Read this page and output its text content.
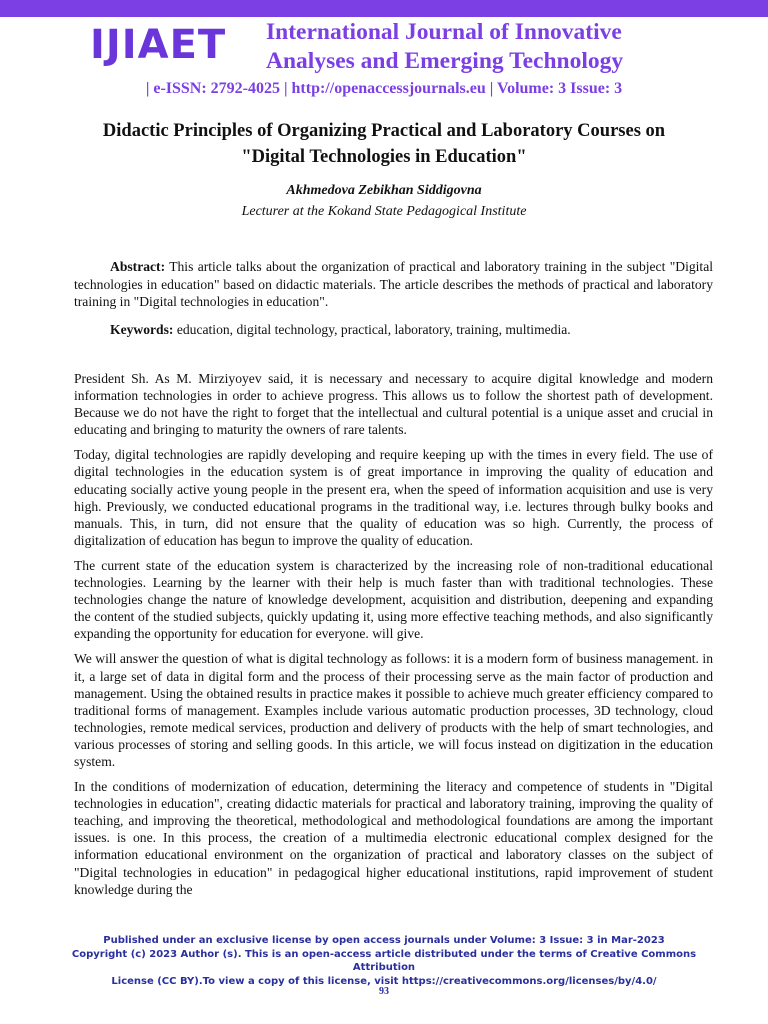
IJIAET International Journal of Innovative
Analyses and Emerging Technology
| e-ISSN: 2792-4025 | http://openaccessjournals.eu | Volume: 3 Issue: 3
Didactic Principles of Organizing Practical and Laboratory Courses on
"Digital Technologies in Education"
Akhmedova Zebikhan Siddigovna
Lecturer at the Kokand State Pedagogical Institute

Abstract: This article talks about the organization of practical and laboratory training in the subject "Digital technologies in education" based on didactic materials. The article describes the methods of practical and laboratory training in "Digital technologies in education".

Keywords: education, digital technology, practical, laboratory, training, multimedia.

President Sh. As M. Mirziyoyev said, it is necessary and necessary to acquire digital knowledge and modern information technologies in order to achieve progress. This allows us to follow the shortest path of development. Because we do not have the right to forget that the intellectual and cultural potential is a unique asset and crucial in educating and bringing to maturity the owners of rare talents.

Today, digital technologies are rapidly developing and require keeping up with the times in every field. The use of digital technologies in the education system is of great importance in improving the quality of education and educating socially active young people in the present era, when the speed of information acquisition and use is very high. Previously, we conducted educational programs in the traditional way, i.e. lectures through bulky books and manuals. This, in turn, did not ensure that the quality of education was so high. Currently, the process of digitalization of education has begun to improve the quality of education.

The current state of the education system is characterized by the increasing role of non-traditional educational technologies. Learning by the learner with their help is much faster than with traditional technologies. These technologies change the nature of knowledge development, acquisition and distribution, deepening and expanding the content of the studied subjects, quickly updating it, using more effective teaching methods, and also significantly expanding the opportunity for education for everyone. will give.

We will answer the question of what is digital technology as follows: it is a modern form of business management. in it, a large set of data in digital form and the process of their processing serve as the main factor of production and management. Using the obtained results in practice makes it possible to achieve much greater efficiency compared to traditional forms of management. Examples include various automatic production processes, 3D technology, cloud technologies, remote medical services, production and delivery of products with the help of smart technologies, and various processes of storing and selling goods. In this article, we will focus instead on digitization in the education system.

In the conditions of modernization of education, determining the literacy and competence of students in "Digital technologies in education", creating didactic materials for practical and laboratory training, improving the quality of teaching, and improving the theoretical, methodological and methodological foundations are among the important issues. is one. In this process, the creation of a multimedia electronic educational complex designed for the information educational environment on the organization of practical and laboratory classes on the subject of "Digital technologies in education" in pedagogical higher educational institutions, rapid improvement of student knowledge during the

Published under an exclusive license by open access journals under Volume: 3 Issue: 3 in Mar-2023
Copyright (c) 2023 Author (s). This is an open-access article distributed under the terms of Creative Commons Attribution
License (CC BY).To view a copy of this license, visit https://creativecommons.org/licenses/by/4.0/
93
